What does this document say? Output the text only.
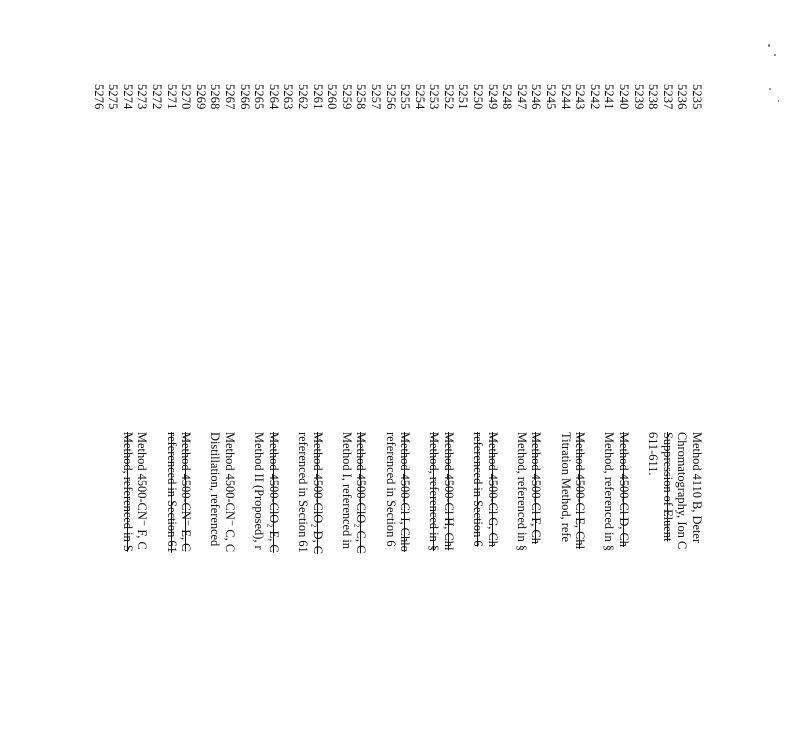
5235
5236
5237
5238
5239
5240
5241
5242
5243
5244
5245
5246
5247
5248
5249
5250
5251
5252
5253
5254
5255
5256
5257
5258
5259
5260
5261
5262
5263
5264
5265
5266
5267
5268
5269
5270
5271
5272
5273
5274
5275
5276
Method 4110 B, Deter
Chromatography, Ion C
Suppression of Eluent
611-611.
Method 4500-Cl D, Ch
Method, referenced in §
Method 4500-Cl E, Chl
Titration Method, refe
Method 4500-Cl F, Ch
Method, referenced in §
Method 4500-Cl G, Ch
referenced in Section 6
Method 4500-Cl H, Chl
Method, referenced in §
Method 4500-Cl I, Chlo
referenced in Section 6
Method 4500-ClO₂ C, C
Method I, referenced in
Method 4500-ClO₂ D, C
referenced in Section 61
Method 4500-ClO₂ E, C
Method II (Proposed), r
Method 4500-CN⁻ C, C
Distillation, referenced
Method 4500-CN⁻ E, C
referenced in Section 61
Method 4500-CN⁻ F, C
Method, referenced in S
